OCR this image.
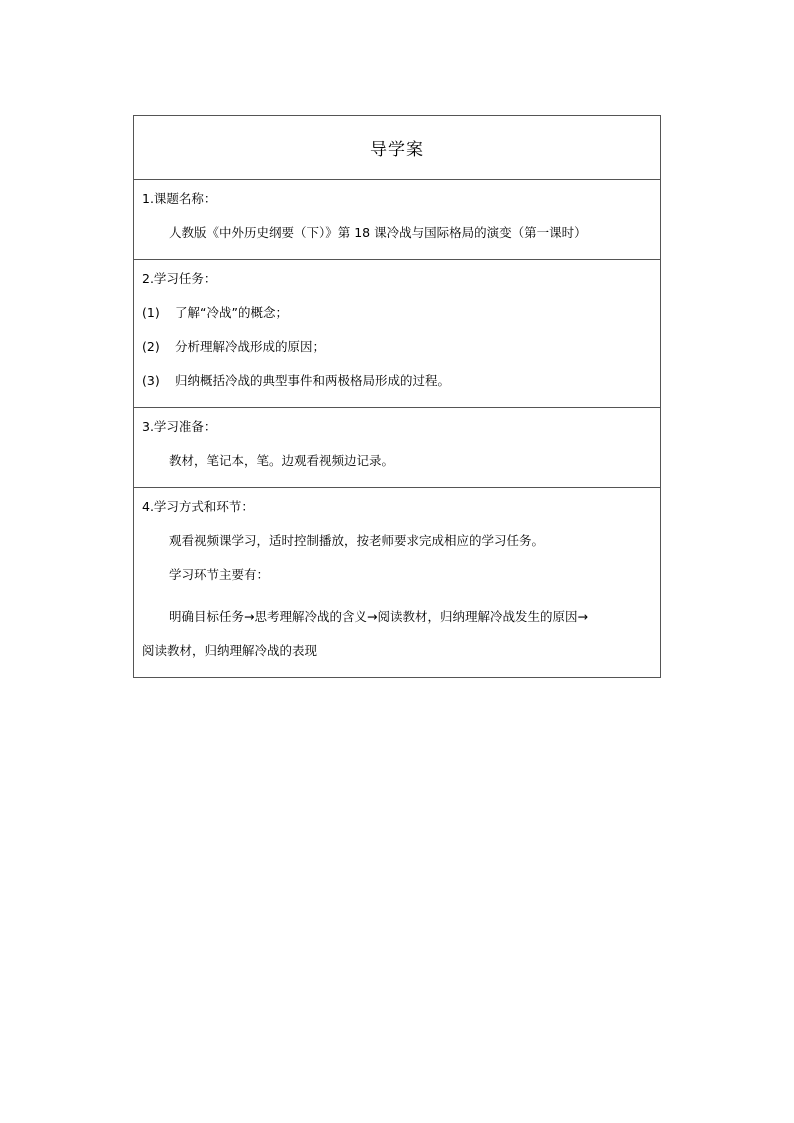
导学案
1.课题名称：
人教版《中外历史纲要（下）》第 18 课冷战与国际格局的演变（第一课时）
2.学习任务：
(1) 了解“冷战”的概念；
(2) 分析理解冷战形成的原因；
(3) 归纳概括冷战的典型事件和两极格局形成的过程。
3.学习准备：
教材，笔记本，笔。边观看视频边记录。
4.学习方式和环节：
观看视频课学习，适时控制播放，按老师要求完成相应的学习任务。
学习环节主要有：
明确目标任务→思考理解冷战的含义→阅读教材，归纳理解冷战发生的原因→
阅读教材，归纳理解冷战的表现
